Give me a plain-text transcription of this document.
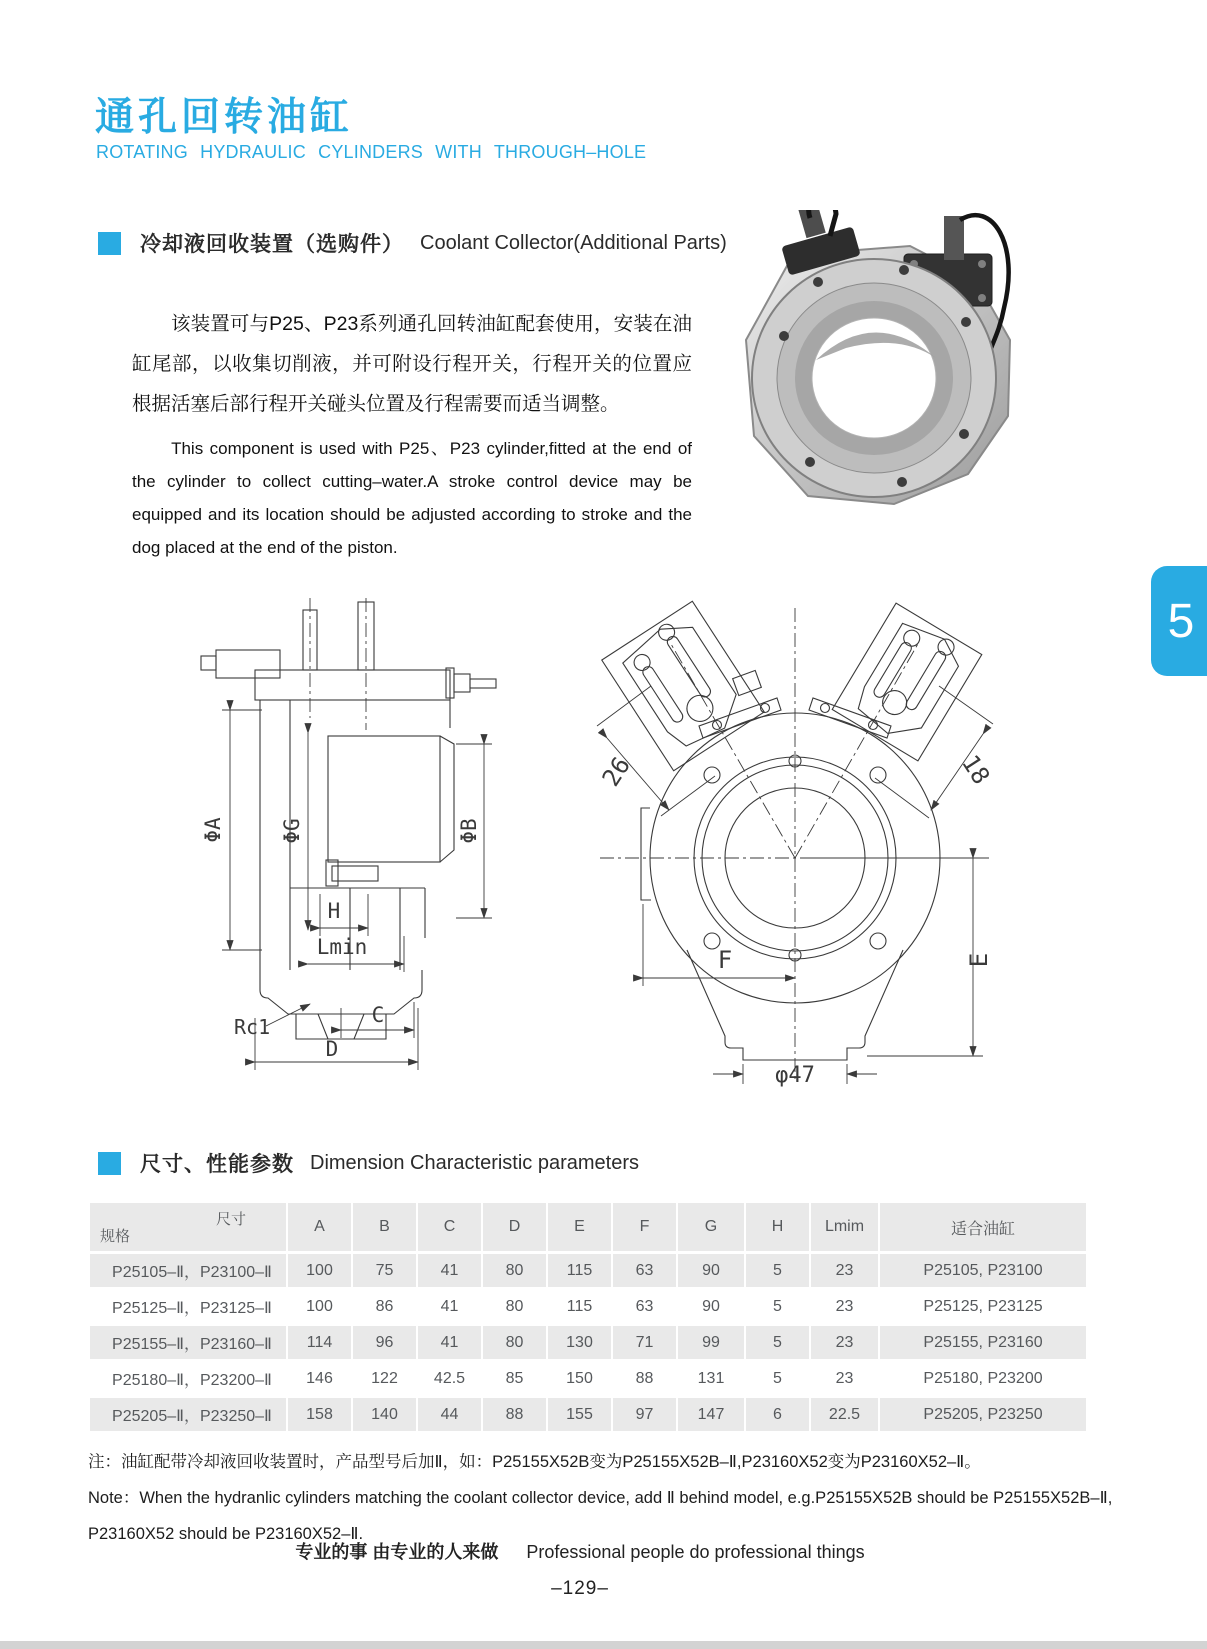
通孔回转油缸
ROTATING HYDRAULIC CYLINDERS WITH THROUGH–HOLE
冷却液回收装置（选购件） Coolant Collector(Additional Parts)
该装置可与P25、P23系列通孔回转油缸配套使用，安装在油缸尾部，以收集切削液，并可附设行程开关，行程开关的位置应根据活塞后部行程开关碰头位置及行程需要而适当调整。
This component is used with P25、P23 cylinder,fitted at the end of the cylinder to collect cutting–water.A stroke control device may be equipped and its location should be adjusted according to stroke and the dog placed at the end of the piston.
5
ΦA	ΦG	ΦB
H
Lmin
Rc1	C
D
26	18
F	E
φ47
尺寸、性能参数 Dimension Characteristic parameters
尺寸
规格	A	B	C	D	E	F	G	H	Lmim	适合油缸
P25105–Ⅱ，P23100–Ⅱ	100	75	41	80	115	63	90	5	23	P25105, P23100
P25125–Ⅱ，P23125–Ⅱ	100	86	41	80	115	63	90	5	23	P25125, P23125
P25155–Ⅱ，P23160–Ⅱ	114	96	41	80	130	71	99	5	23	P25155, P23160
P25180–Ⅱ，P23200–Ⅱ	146	122	42.5	85	150	88	131	5	23	P25180, P23200
P25205–Ⅱ，P23250–Ⅱ	158	140	44	88	155	97	147	6	22.5	P25205, P23250
注：油缸配带冷却液回收装置时，产品型号后加Ⅱ，如：P25155X52B变为P25155X52B–Ⅱ,P23160X52变为P23160X52–Ⅱ。
Note：When the hydranlic cylinders matching the coolant collector device, add Ⅱ behind model, e.g.P25155X52B should be P25155X52B–Ⅱ,
P23160X52 should be P23160X52–Ⅱ.
专业的事 由专业的人来做 Professional people do professional things
–129–
